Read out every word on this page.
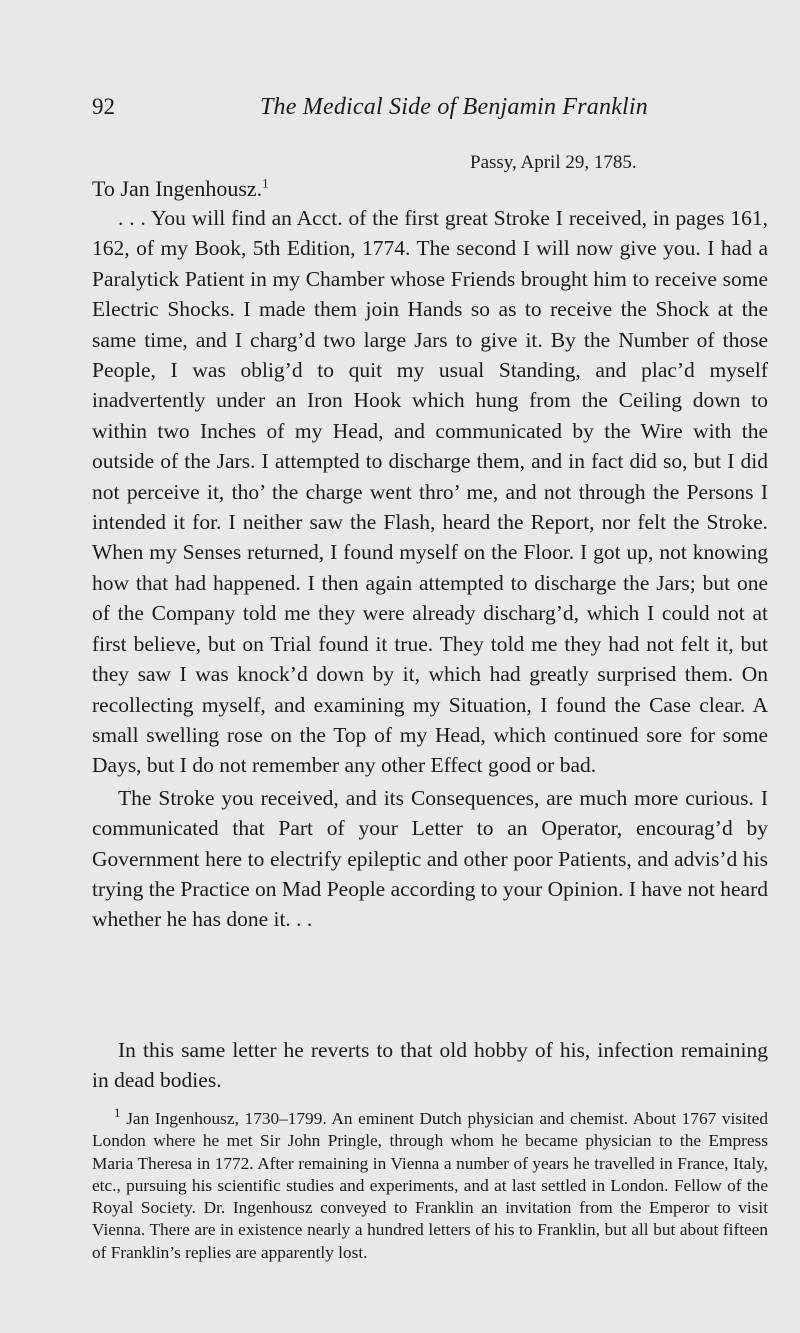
92	The Medical Side of Benjamin Franklin
Passy, April 29, 1785.
To Jan Ingenhousz.$^1$

. . . You will find an Acct. of the first great Stroke I received, in pages 161, 162, of my Book, 5th Edition, 1774. The second I will now give you. I had a Paralytick Patient in my Chamber whose Friends brought him to receive some Electric Shocks. I made them join Hands so as to receive the Shock at the same time, and I charg’d two large Jars to give it. By the Number of those People, I was oblig’d to quit my usual Standing, and plac’d myself inadvertently under an Iron Hook which hung from the Ceiling down to within two Inches of my Head, and communicated by the Wire with the outside of the Jars. I attempted to discharge them, and in fact did so, but I did not perceive it, tho’ the charge went thro’ me, and not through the Persons I intended it for. I neither saw the Flash, heard the Report, nor felt the Stroke. When my Senses returned, I found myself on the Floor. I got up, not knowing how that had happened. I then again attempted to discharge the Jars; but one of the Company told me they were already discharg’d, which I could not at first believe, but on Trial found it true. They told me they had not felt it, but they saw I was knock’d down by it, which had greatly surprised them. On recollecting myself, and examining my Situation, I found the Case clear. A small swelling rose on the Top of my Head, which continued sore for some Days, but I do not remember any other Effect good or bad.

The Stroke you received, and its Consequences, are much more curious. I communicated that Part of your Letter to an Operator, encourag’d by Government here to electrify epileptic and other poor Patients, and advis’d his trying the Practice on Mad People according to your Opinion. I have not heard whether he has done it. . .

In this same letter he reverts to that old hobby of his, infection remaining in dead bodies.

$^1$ Jan Ingenhousz, 1730–1799. An eminent Dutch physician and chemist. About 1767 visited London where he met Sir John Pringle, through whom he became physician to the Empress Maria Theresa in 1772. After remaining in Vienna a number of years he travelled in France, Italy, etc., pursuing his scientific studies and experiments, and at last settled in London. Fellow of the Royal Society. Dr. Ingenhousz conveyed to Franklin an invitation from the Emperor to visit Vienna. There are in existence nearly a hundred letters of his to Franklin, but all but about fifteen of Franklin’s replies are apparently lost.
